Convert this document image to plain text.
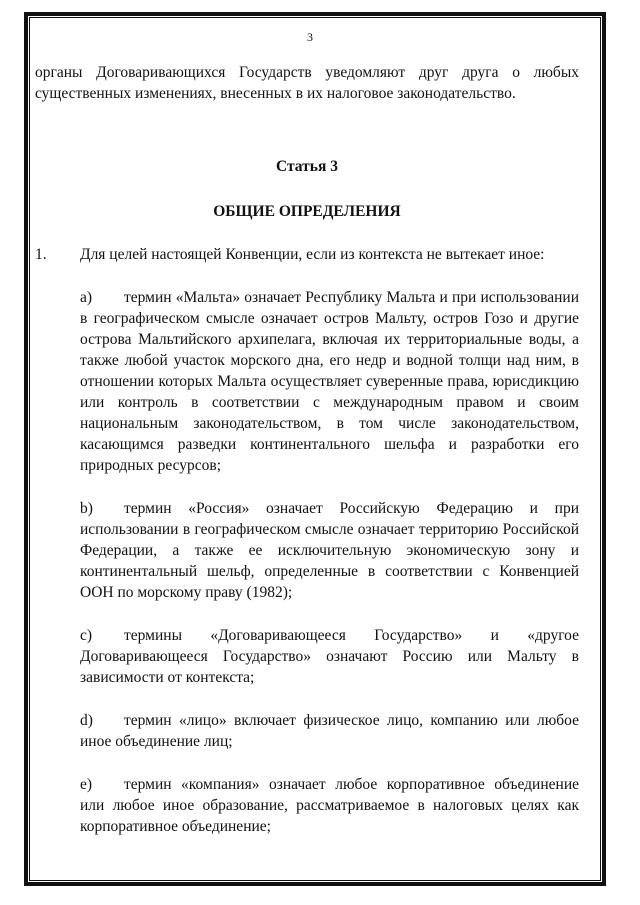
3

органы Договаривающихся Государств уведомляют друг друга о любых существенных изменениях, внесенных в их налоговое законодательство.

Статья 3
ОБЩИЕ ОПРЕДЕЛЕНИЯ
1.	Для целей настоящей Конвенции, если из контекста не вытекает иное:

a) термин «Мальта» означает Республику Мальта и при использовании в географическом смысле означает остров Мальту, остров Гозо и другие острова Мальтийского архипелага, включая их территориальные воды, а также любой участок морского дна, его недр и водной толщи над ним, в отношении которых Мальта осуществляет суверенные права, юрисдикцию или контроль в соответствии с международным правом и своим национальным законодательством, в том числе законодательством, касающимся разведки континентального шельфа и разработки его природных ресурсов;

b) термин «Россия» означает Российскую Федерацию и при использовании в географическом смысле означает территорию Российской Федерации, а также ее исключительную экономическую зону и континентальный шельф, определенные в соответствии с Конвенцией ООН по морскому праву (1982);

c) термины «Договаривающееся Государство» и «другое Договаривающееся Государство» означают Россию или Мальту в зависимости от контекста;

d) термин «лицо» включает физическое лицо, компанию или любое иное объединение лиц;

e) термин «компания» означает любое корпоративное объединение или любое иное образование, рассматриваемое в налоговых целях как корпоративное объединение;
